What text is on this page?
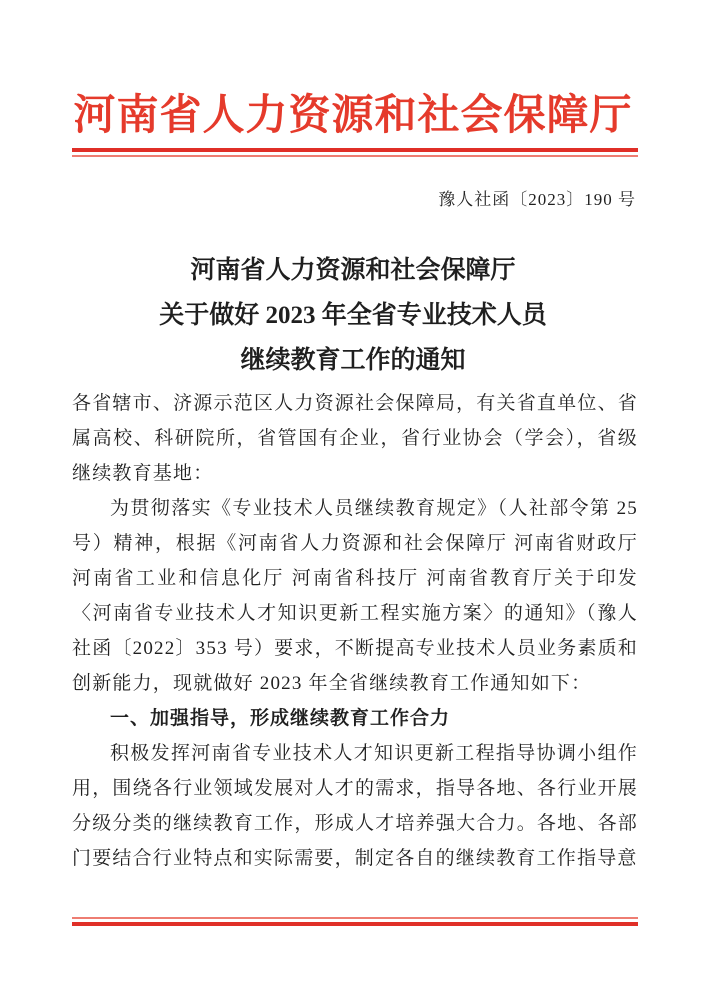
河南省人力资源和社会保障厅
豫人社函〔2023〕190 号
河南省人力资源和社会保障厅
关于做好 2023 年全省专业技术人员
继续教育工作的通知

各省辖市、济源示范区人力资源社会保障局，有关省直单位、省属高校、科研院所，省管国有企业，省行业协会（学会），省级继续教育基地：

为贯彻落实《专业技术人员继续教育规定》（人社部令第 25 号）精神，根据《河南省人力资源和社会保障厅 河南省财政厅 河南省工业和信息化厅 河南省科技厅 河南省教育厅关于印发〈河南省专业技术人才知识更新工程实施方案〉的通知》（豫人社函〔2022〕353 号）要求，不断提高专业技术人员业务素质和创新能力，现就做好 2023 年全省继续教育工作通知如下：

一、加强指导，形成继续教育工作合力

积极发挥河南省专业技术人才知识更新工程指导协调小组作用，围绕各行业领域发展对人才的需求，指导各地、各行业开展分级分类的继续教育工作，形成人才培养强大合力。各地、各部门要结合行业特点和实际需要，制定各自的继续教育工作指导意
